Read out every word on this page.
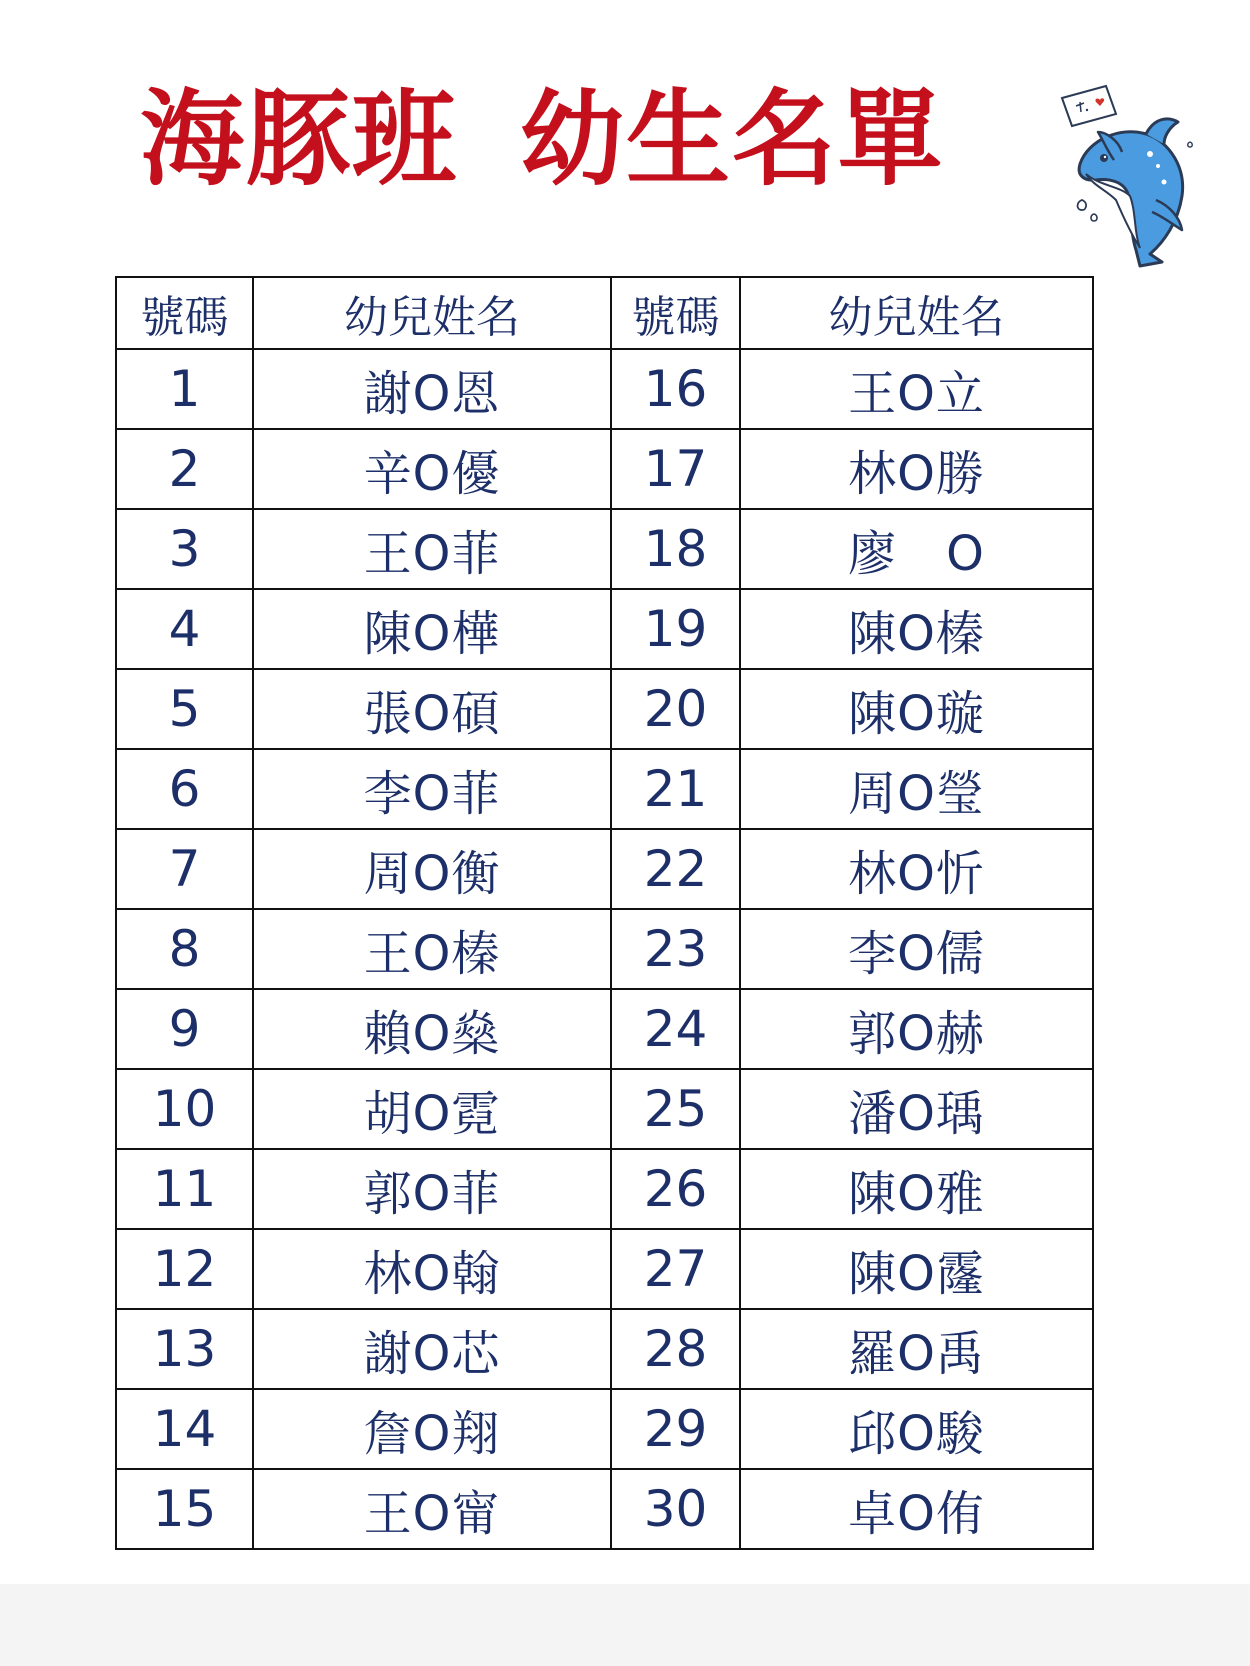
海豚班 幼生名單
號碼	幼兒姓名	號碼	幼兒姓名
1	謝O恩	16	王O立
2	辛O優	17	林O勝
3	王O菲	18	廖　O
4	陳O樺	19	陳O榛
5	張O碩	20	陳O璇
6	李O菲	21	周O瑩
7	周O衡	22	林O忻
8	王O榛	23	李O儒
9	賴O燊	24	郭O赫
10	胡O霓	25	潘O瑀
11	郭O菲	26	陳O雅
12	林O翰	27	陳O霳
13	謝O芯	28	羅O禹
14	詹O翔	29	邱O駿
15	王O甯	30	卓O侑
